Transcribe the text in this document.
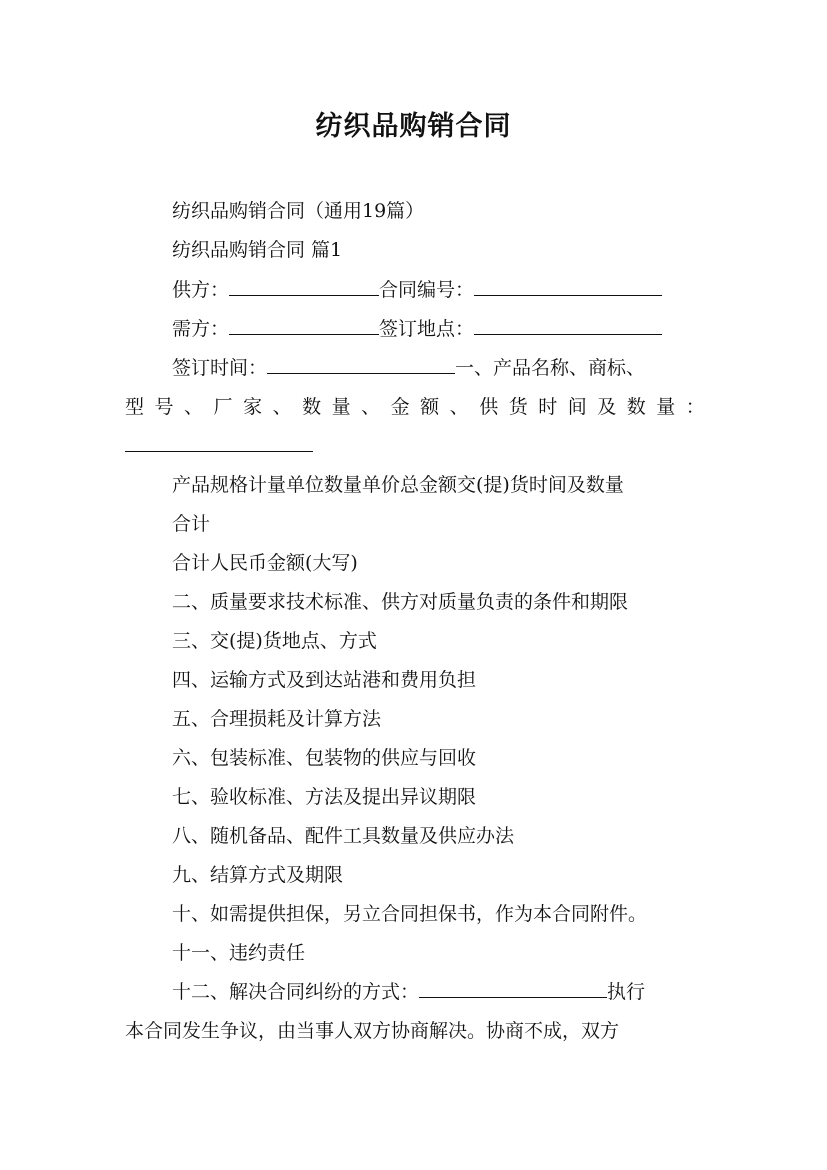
纺织品购销合同
纺织品购销合同（通用19篇）
纺织品购销合同 篇1
供方：	合同编号：
需方：	签订地点：
签订时间：	一、产品名称、商标、
型 号 、 厂 家 、 数 量 、 金 额 、 供 货 时 间 及 数 量 ：
产品规格计量单位数量单价总金额交(提)货时间及数量
合计
合计人民币金额(大写)
二、质量要求技术标准、供方对质量负责的条件和期限
三、交(提)货地点、方式
四、运输方式及到达站港和费用负担
五、合理损耗及计算方法
六、包装标准、包装物的供应与回收
七、验收标准、方法及提出异议期限
八、随机备品、配件工具数量及供应办法
九、结算方式及期限
十、如需提供担保，另立合同担保书，作为本合同附件。
十一、违约责任
十二、解决合同纠纷的方式：	执行
本合同发生争议，由当事人双方协商解决。协商不成，双方
